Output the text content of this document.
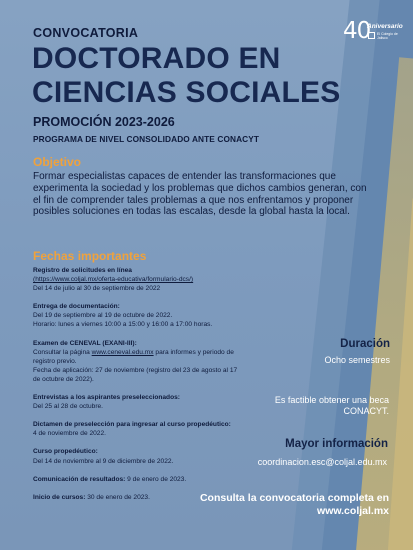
40
Aniversario
El Colegio de Jalisco
CONVOCATORIA
DOCTORADO EN
CIENCIAS SOCIALES
PROMOCIÓN 2023-2026
PROGRAMA DE NIVEL CONSOLIDADO ANTE CONACYT
Objetivo
Formar especialistas capaces de entender las transformaciones que experimenta la sociedad y los problemas que dichos cambios generan, con el fin de comprender tales problemas a que nos enfrentamos y proponer posibles soluciones en todas las escalas, desde la global hasta la local.
Fechas importantes
Registro de solicitudes en línea
(https://www.coljal.mx/oferta-educativa/formulario-dcs/)
Del 14 de julio al 30 de septiembre de 2022
Entrega de documentación:
Del 19 de septiembre al 19 de octubre de 2022.
Horario: lunes a viernes 10:00 a 15:00 y 16:00 a 17:00 horas.
Examen de CENEVAL (EXANI-III):
Consultar la página www.ceneval.edu.mx para informes y periodo de registro previo.
Fecha de aplicación: 27 de noviembre (registro del 23 de agosto al 17 de octubre de 2022).
Entrevistas a los aspirantes preseleccionados:
Del 25 al 28 de octubre.
Dictamen de preselección para ingresar al curso propedéutico:
4 de noviembre de 2022.
Curso propedéutico:
Del 14 de noviembre al 9 de diciembre de 2022.
Comunicación de resultados: 9 de enero de 2023.
Inicio de cursos: 30 de enero de 2023.
Duración
Ocho semestres
Es factible obtener una beca CONACYT.
Mayor información
coordinacion.esc@coljal.edu.mx
Consulta la convocatoria completa en www.coljal.mx
